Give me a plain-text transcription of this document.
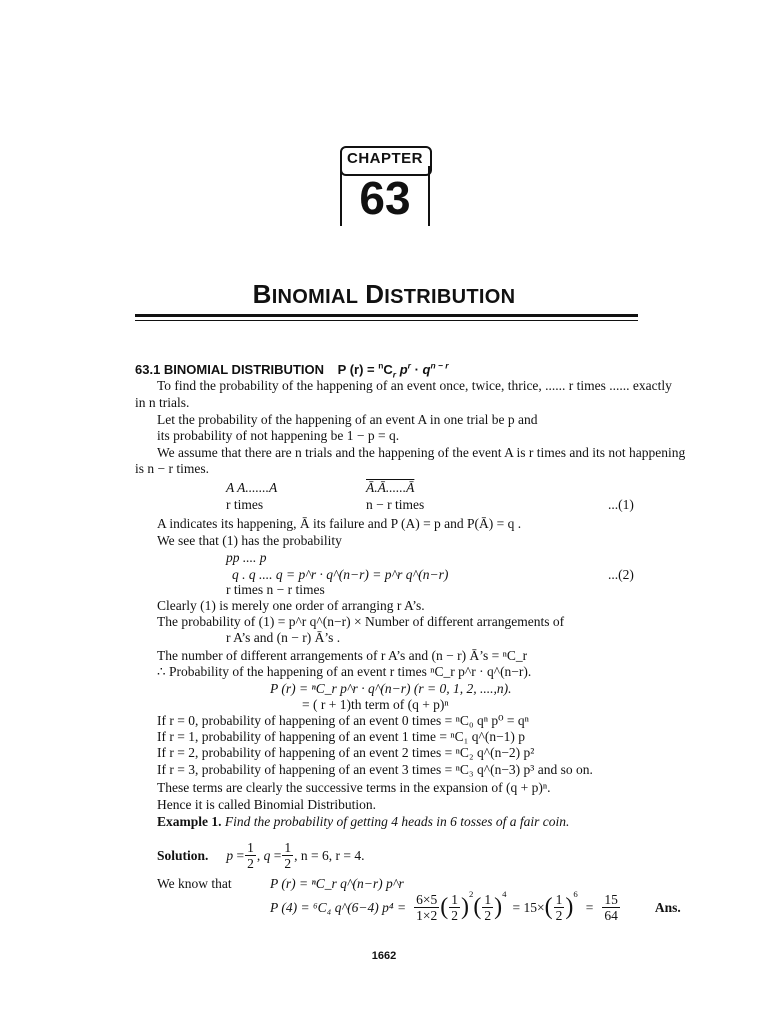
CHAPTER
63
BINOMIAL DISTRIBUTION
63.1 BINOMIAL DISTRIBUTION P $(r) = ^nC_r$ $p^r \cdot q^{n - r}$
To find the probability of the happening of an event once, twice, thrice, ...... r times ...... exactly
in n trials.
Let the probability of the happening of an event A in one trial be p and
its probability of not happening be 1 − p = q.
We assume that there are n trials and the happening of the event A is r times and its not happening
is n − r times.
A A.......A	Ā.Ā......Ā
r times	n − r times	...(1)
A indicates its happening, Ā its failure and P (A) = p and P(Ā) = q .
We see that (1) has the probability
pp .... p
q . q .... q = p^r · q^(n−r) = p^r q^(n−r)
r times n − r times
...(2)
Clearly (1) is merely one order of arranging r A’s.
The probability of (1) = p^r q^(n−r) × Number of different arrangements of
r A’s and (n − r) Ā’s .
The number of different arrangements of r A’s and (n − r) Ā’s = ⁿC_r
∴ Probability of the happening of an event r times ⁿC_r p^r · q^(n−r).
P (r) = ⁿC_r p^r · q^(n−r) (r = 0, 1, 2, ....,n).
= ( r + 1)th term of (q + p)ⁿ
If r = 0, probability of happening of an event 0 times = ⁿC₀ qⁿ p⁰ = qⁿ
If r = 1, probability of happening of an event 1 time = ⁿC₁ q^(n−1) p
If r = 2, probability of happening of an event 2 times = ⁿC₂ q^(n−2) p²
If r = 3, probability of happening of an event 3 times = ⁿC₃ q^(n−3) p³ and so on.
These terms are clearly the successive terms in the expansion of (q + p)ⁿ.
Hence it is called Binomial Distribution.
Example 1. Find the probability of getting 4 heads in 6 tosses of a fair coin.
Solution. $p = \frac{1}{2}$ , $q = \frac{1}{2}$ , n = 6, r = 4.
We know that	P (r) = ⁿC_r q^(n−r) p^r
P (4) = ⁶C₄ q^(6−4) $p^4 = \frac{6\times 5}{1\times 2}$ ( $\frac{1}{2}$ ) 2 ( $\frac{1}{2}$ ) 4
= 15× ( $\frac{1}{2}$ ) 6
= $\frac{15}{64}$	Ans.
1662
